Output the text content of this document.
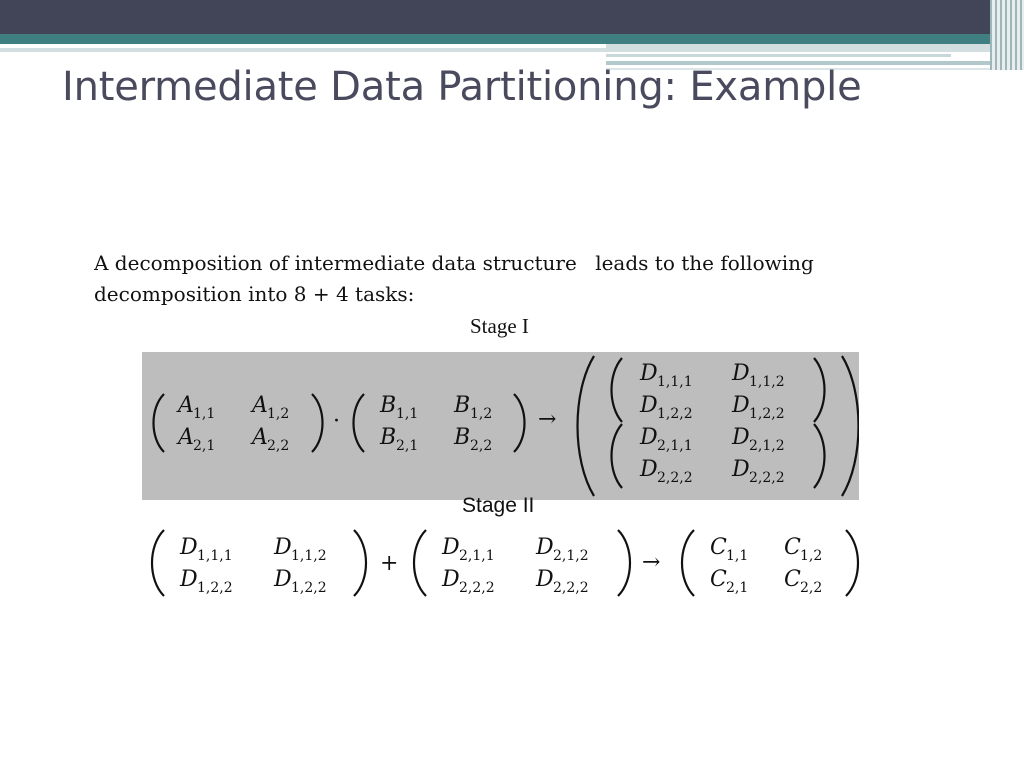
Intermediate Data Partitioning: Example

A decomposition of intermediate data structure leads to the following decomposition into 8 + 4 tasks:

Stage I
A 1,1 A 1,2
A 2,1 A 2,2
·
B 1,1 B 1,2
B 2,1 B 2,2
→
D 1,1,1 D 1,1,2
D 1,2,2 D 1,2,2
D 2,1,1 D 2,1,2
D 2,2,2 D 2,2,2
Stage II
D 1,1,1 D 1,1,2
D 1,2,2 D 1,2,2
+
D 2,1,1 D 2,1,2
D 2,2,2 D 2,2,2
→
C 1,1 C 1,2
C 2,1 C 2,2
